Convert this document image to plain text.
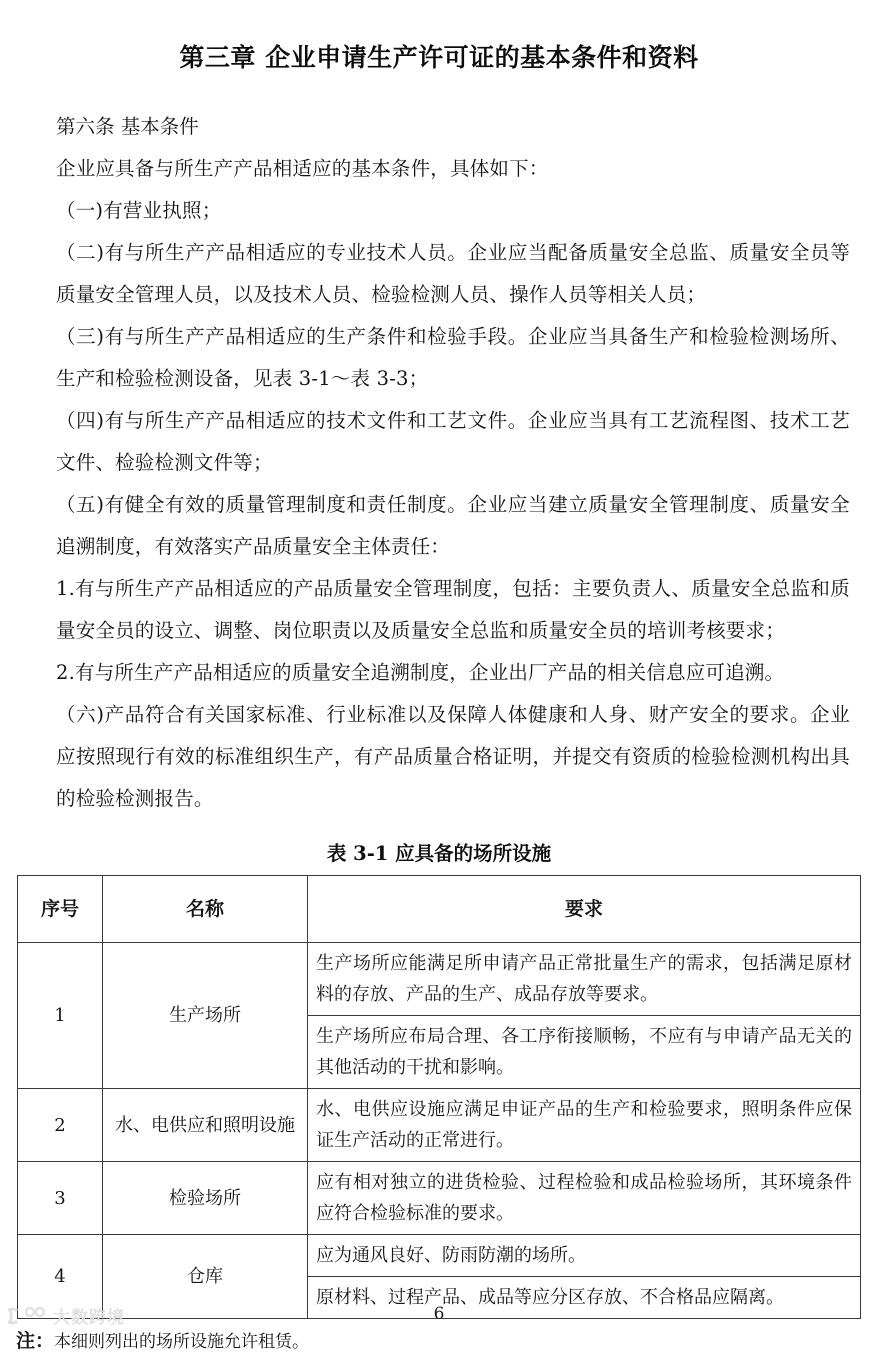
第三章 企业申请生产许可证的基本条件和资料

第六条 基本条件

企业应具备与所生产产品相适应的基本条件，具体如下：

（一)有营业执照；

（二)有与所生产产品相适应的专业技术人员。企业应当配备质量安全总监、质量安全员等质量安全管理人员，以及技术人员、检验检测人员、操作人员等相关人员；

（三)有与所生产产品相适应的生产条件和检验手段。企业应当具备生产和检验检测场所、生产和检验检测设备，见表 3-1～表 3-3；

（四)有与所生产产品相适应的技术文件和工艺文件。企业应当具有工艺流程图、技术工艺文件、检验检测文件等；

（五)有健全有效的质量管理制度和责任制度。企业应当建立质量安全管理制度、质量安全追溯制度，有效落实产品质量安全主体责任：

1.有与所生产产品相适应的产品质量安全管理制度，包括：主要负责人、质量安全总监和质量安全员的设立、调整、岗位职责以及质量安全总监和质量安全员的培训考核要求；

2.有与所生产产品相适应的质量安全追溯制度，企业出厂产品的相关信息应可追溯。

（六)产品符合有关国家标准、行业标准以及保障人体健康和人身、财产安全的要求。企业应按照现行有效的标准组织生产，有产品质量合格证明，并提交有资质的检验检测机构出具的检验检测报告。

表 3-1 应具备的场所设施
序号	名称	要求
1	生产场所	生产场所应能满足所申请产品正常批量生产的需求，包括满足原材料的存放、产品的生产、成品存放等要求。
		生产场所应布局合理、各工序衔接顺畅，不应有与申请产品无关的其他活动的干扰和影响。
2	水、电供应和照明设施	水、电供应设施应满足申证产品的生产和检验要求，照明条件应保证生产活动的正常进行。
3	检验场所	应有相对独立的进货检验、过程检验和成品检验场所，其环境条件应符合检验标准的要求。
4	仓库	应为通风良好、防雨防潮的场所。
		原材料、过程产品、成品等应分区存放、不合格品应隔离。
注：本细则列出的场所设施允许租赁。
6
大数跨境
